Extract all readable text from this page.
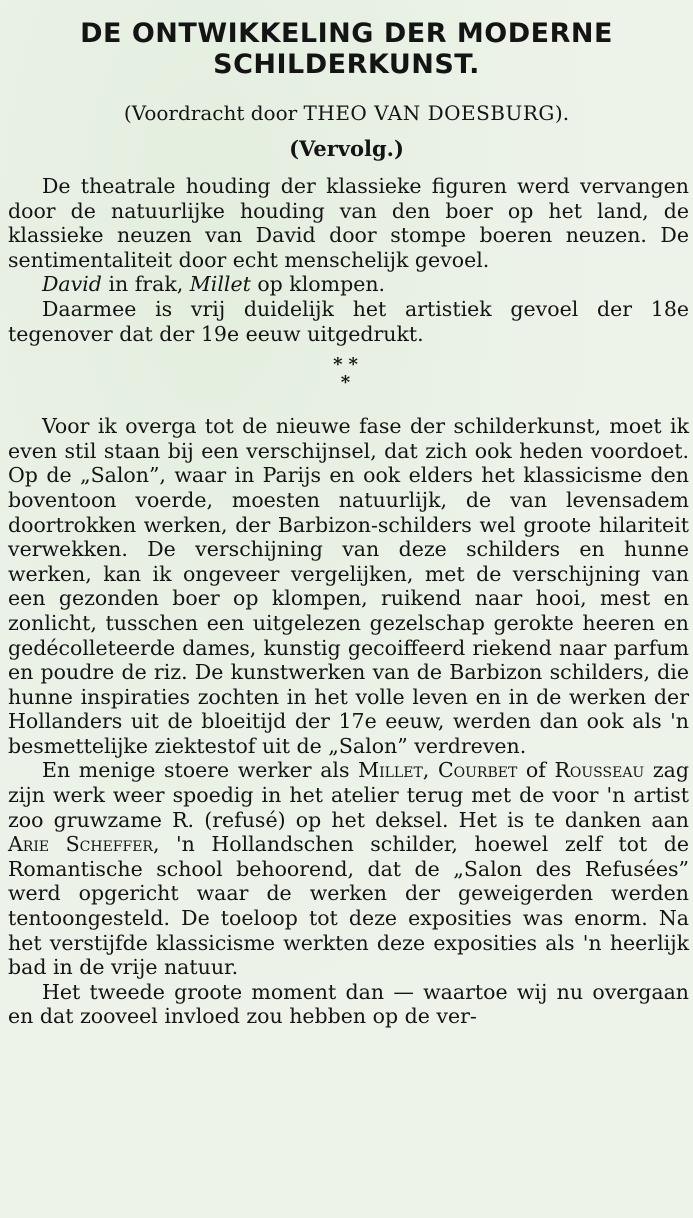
DE ONTWIKKELING DER MODERNE
SCHILDERKUNST.
(Voordracht door THEO VAN DOESBURG).
(Vervolg.)

De theatrale houding der klassieke figuren werd vervangen door de natuurlijke houding van den boer op het land, de klassieke neuzen van David door stompe boeren neuzen. De sentimentaliteit door echt menschelijk gevoel.

David in frak, Millet op klompen.

Daarmee is vrij duidelijk het artistiek gevoel der 18e tegenover dat der 19e eeuw uitgedrukt.

**
*

Voor ik overga tot de nieuwe fase der schilderkunst, moet ik even stil staan bij een verschijnsel, dat zich ook heden voordoet. Op de „Salon”, waar in Parijs en ook elders het klassicisme den boventoon voerde, moesten natuurlijk, de van levensadem doortrokken werken, der Barbizon-schilders wel groote hilariteit verwekken. De verschijning van deze schilders en hunne werken, kan ik ongeveer vergelijken, met de verschijning van een gezonden boer op klompen, ruikend naar hooi, mest en zonlicht, tusschen een uitgelezen gezelschap gerokte heeren en gedécolleteerde dames, kunstig gecoiffeerd riekend naar parfum en poudre de riz. De kunstwerken van de Barbizon schilders, die hunne inspiraties zochten in het volle leven en in de werken der Hollanders uit de bloeitijd der 17e eeuw, werden dan ook als 'n besmettelijke ziektestof uit de „Salon” verdreven.

En menige stoere werker als Millet, Courbet of Rousseau zag zijn werk weer spoedig in het atelier terug met de voor 'n artist zoo gruwzame R. (refusé) op het deksel. Het is te danken aan Arie Scheffer, 'n Hollandschen schilder, hoewel zelf tot de Romantische school behoorend, dat de „Salon des Refusées” werd opgericht waar de werken der geweigerden werden tentoongesteld. De toeloop tot deze exposities was enorm. Na het verstijfde klassicisme werkten deze exposities als 'n heerlijk bad in de vrije natuur.

Het tweede groote moment dan — waartoe wij nu overgaan en dat zooveel invloed zou hebben op de ver-
